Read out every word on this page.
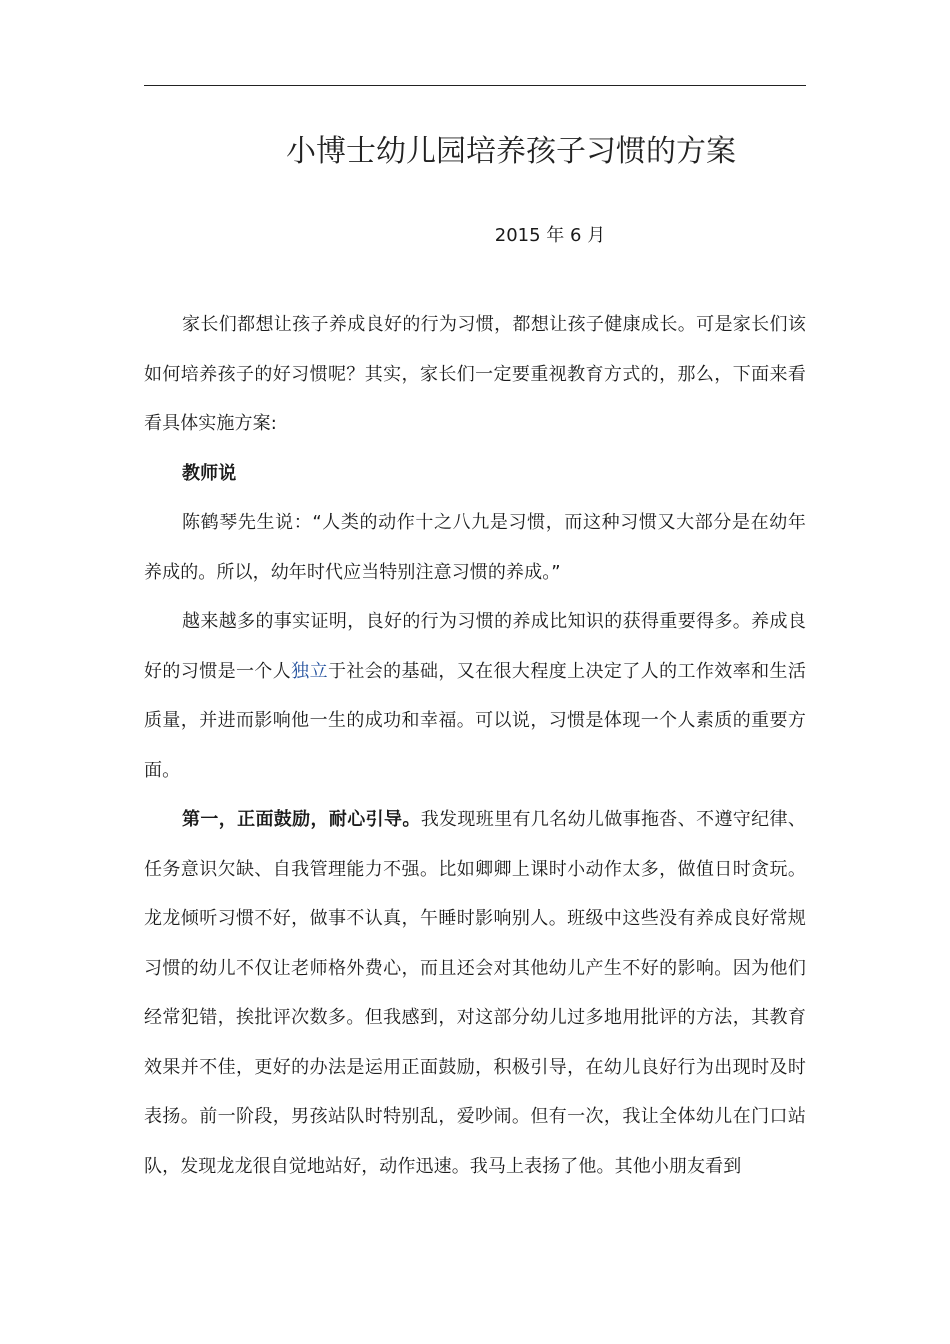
小博士幼儿园培养孩子习惯的方案
2015 年 6 月

家长们都想让孩子养成良好的行为习惯，都想让孩子健康成长。可是家长们该如何培养孩子的好习惯呢？其实，家长们一定要重视教育方式的，那么，下面来看看具体实施方案:

教师说

陈鹤琴先生说：“人类的动作十之八九是习惯，而这种习惯又大部分是在幼年养成的。所以，幼年时代应当特别注意习惯的养成。”

越来越多的事实证明，良好的行为习惯的养成比知识的获得重要得多。养成良好的习惯是一个人独立于社会的基础，又在很大程度上决定了人的工作效率和生活质量，并进而影响他一生的成功和幸福。可以说，习惯是体现一个人素质的重要方面。

第一，正面鼓励，耐心引导。我发现班里有几名幼儿做事拖沓、不遵守纪律、任务意识欠缺、自我管理能力不强。比如卿卿上课时小动作太多，做值日时贪玩。龙龙倾听习惯不好，做事不认真，午睡时影响别人。班级中这些没有养成良好常规习惯的幼儿不仅让老师格外费心，而且还会对其他幼儿产生不好的影响。因为他们经常犯错，挨批评次数多。但我感到，对这部分幼儿过多地用批评的方法，其教育效果并不佳，更好的办法是运用正面鼓励，积极引导，在幼儿良好行为出现时及时表扬。前一阶段，男孩站队时特别乱，爱吵闹。但有一次，我让全体幼儿在门口站队，发现龙龙很自觉地站好，动作迅速。我马上表扬了他。其他小朋友看到
